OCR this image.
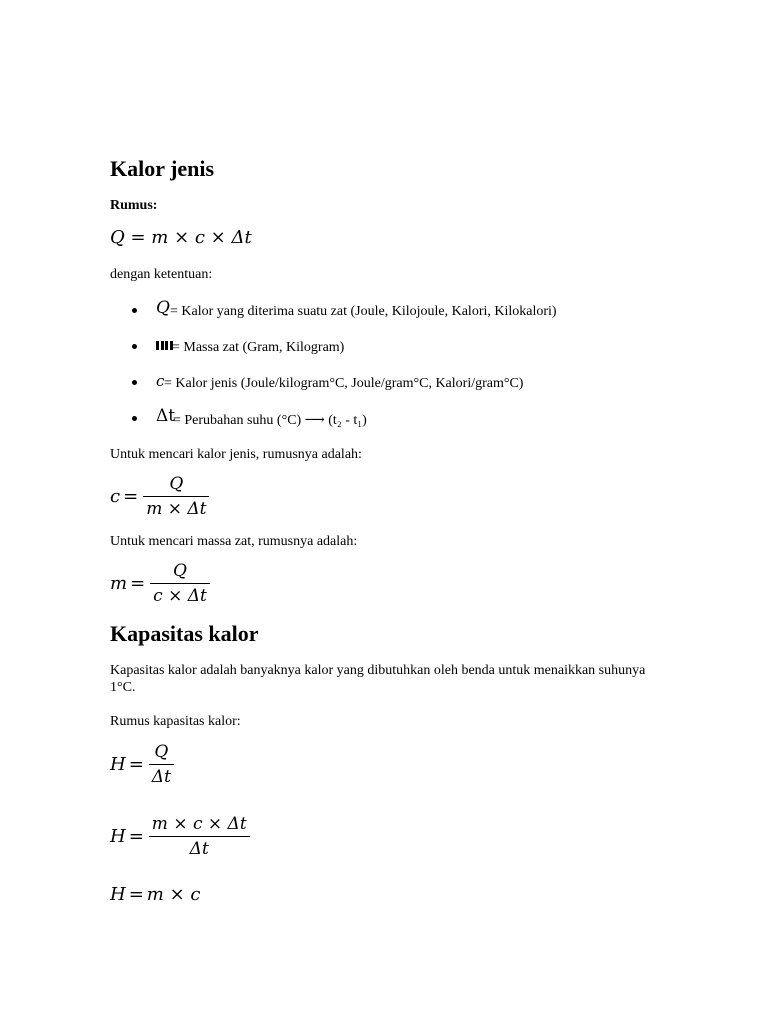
Kalor jenis
Rumus:
Q = m × c × Δt
dengan ketentuan:
Q = Kalor yang diterima suatu zat (Joule, Kilojoule, Kalori, Kilokalori)
= Massa zat (Gram, Kilogram)
c = Kalor jenis (Joule/kilogram°C, Joule/gram°C, Kalori/gram°C)
Δt
= Perubahan suhu (°C) ⟶ (t₂ - t₁)
Untuk mencari kalor jenis, rumusnya adalah:
$c = \frac{Q}{m \times \Delta t}$
Untuk mencari massa zat, rumusnya adalah:
$m = \frac{Q}{c \times \Delta t}$
Kapasitas kalor
Kapasitas kalor adalah banyaknya kalor yang dibutuhkan oleh benda untuk menaikkan suhunya 1°C.
Rumus kapasitas kalor:
$H = \frac{Q}{\Delta t}$
$H = \frac{m \times c \times \Delta t}{\Delta t}$
H = m × c
